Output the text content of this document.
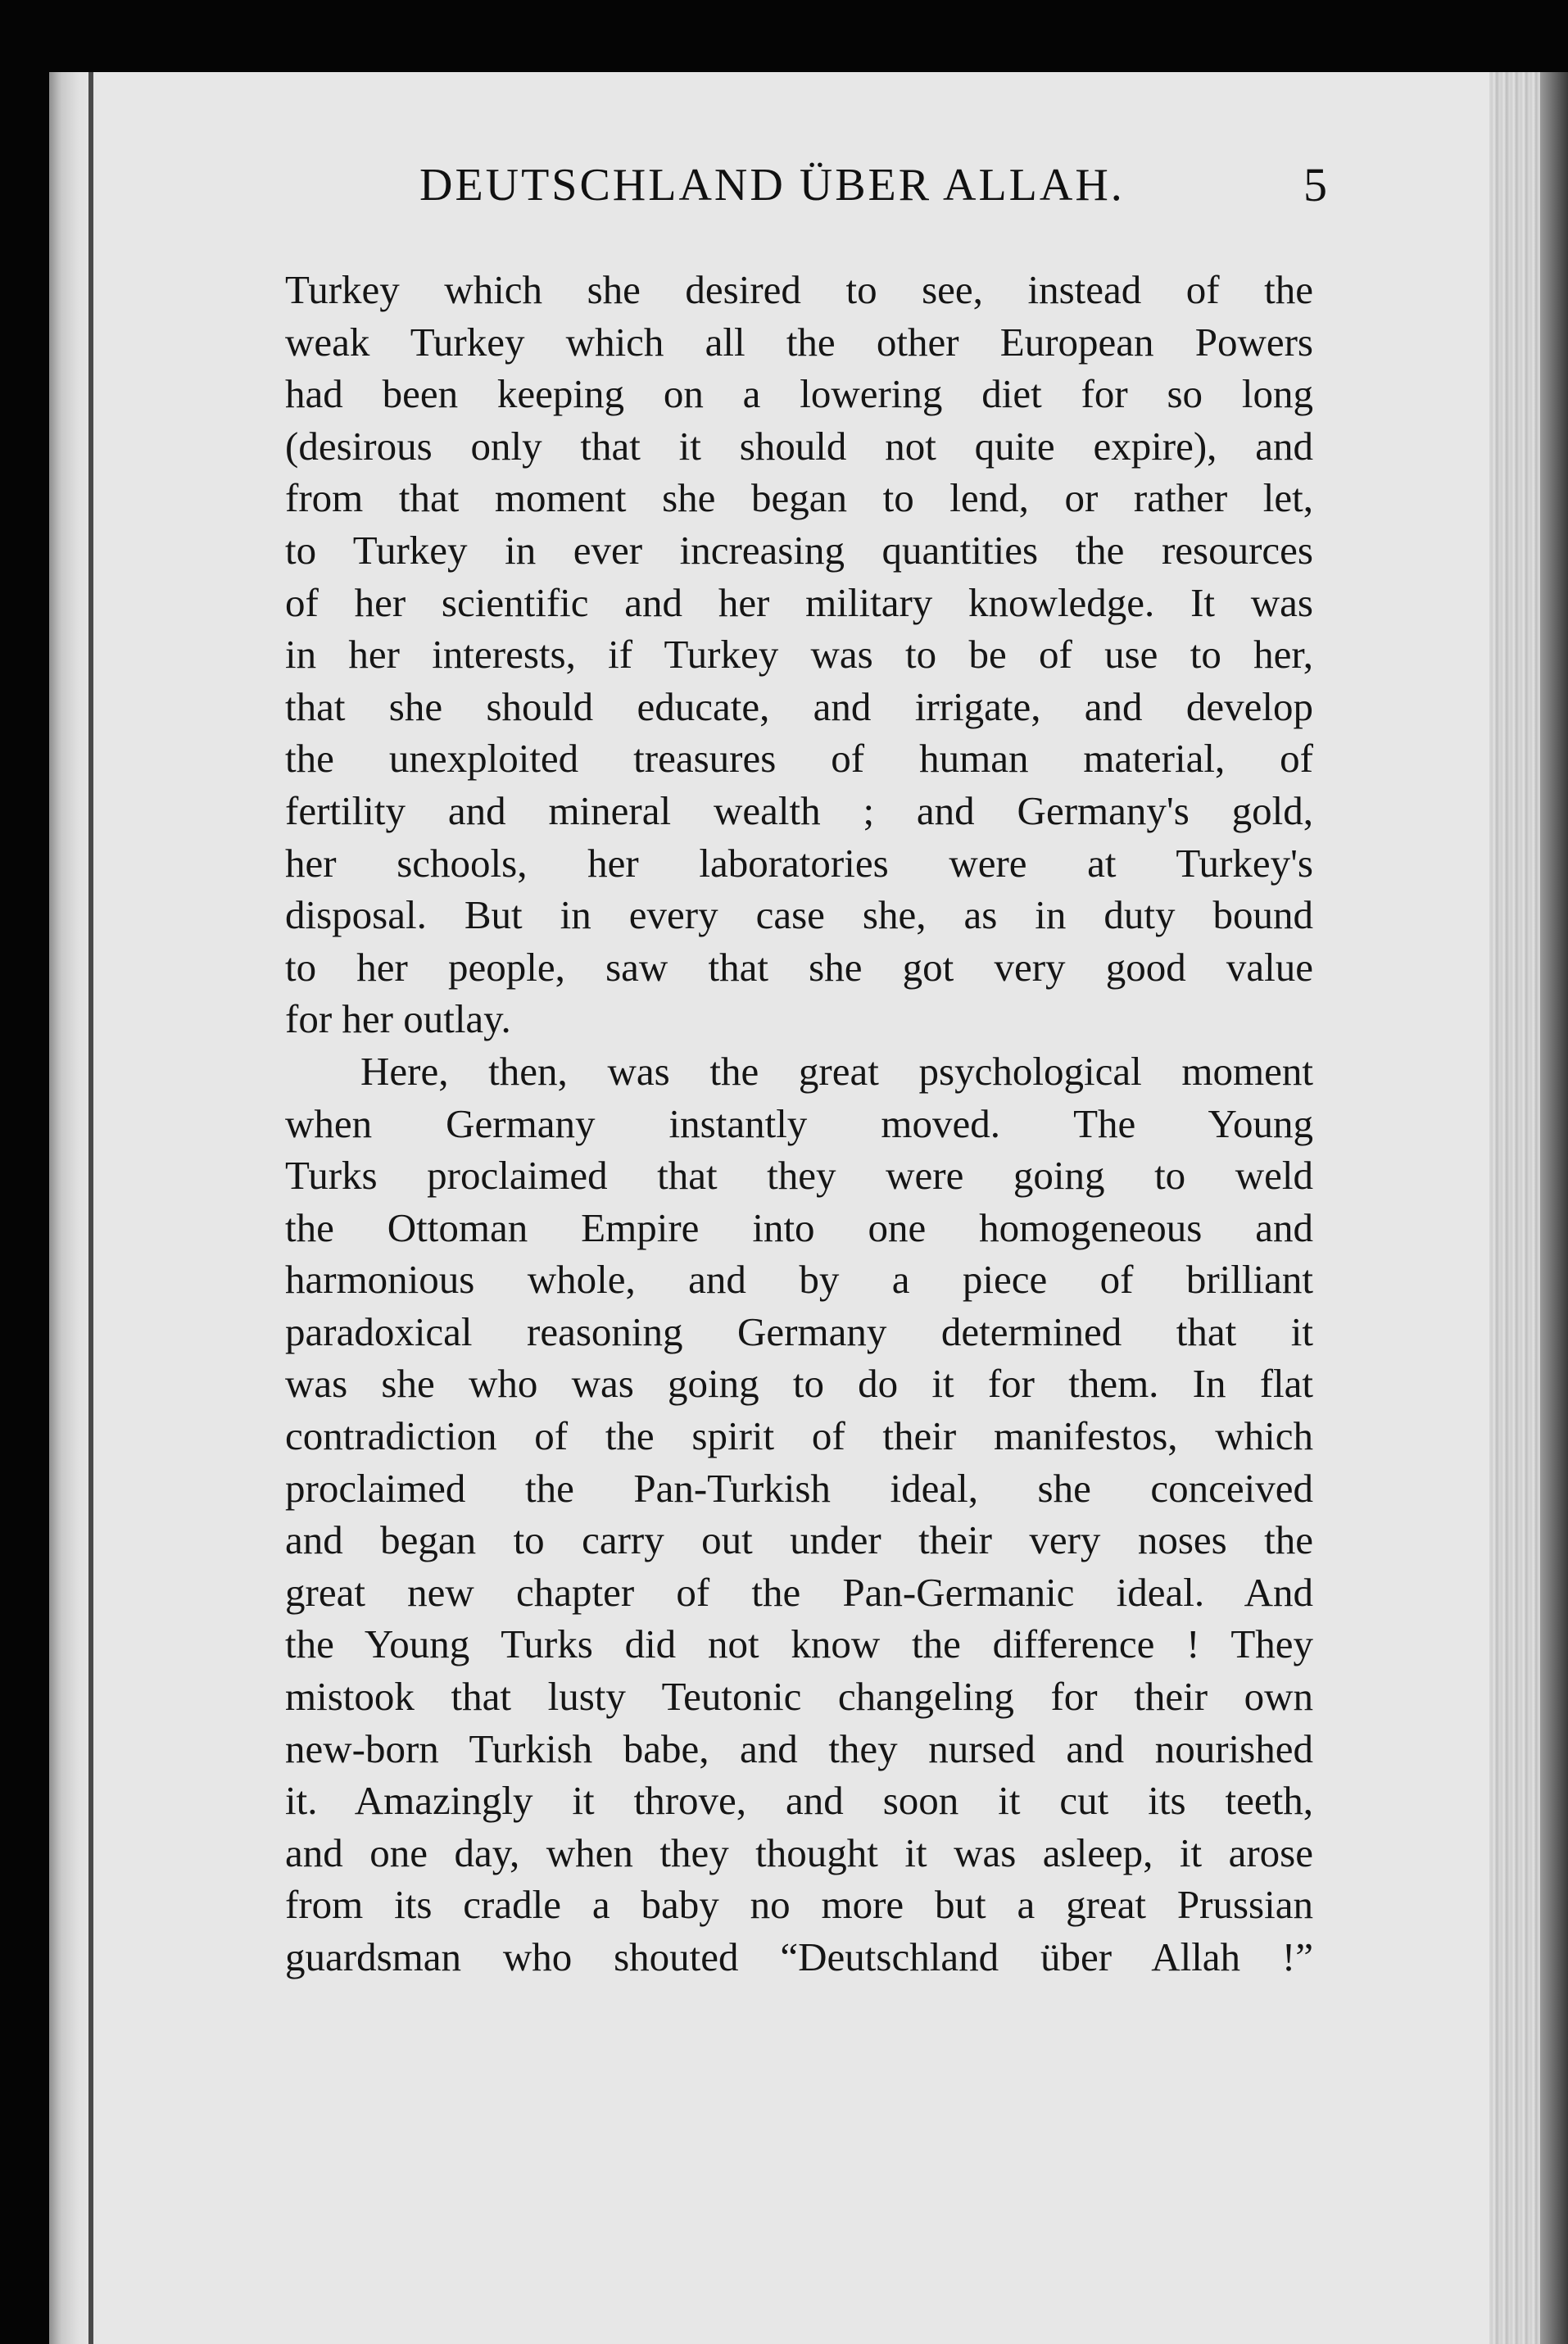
DEUTSCHLAND ÜBER ALLAH.	5
Turkey which she desired to see, instead of the
weak Turkey which all the other European Powers
had been keeping on a lowering diet for so long
(desirous only that it should not quite expire), and
from that moment she began to lend, or rather let,
to Turkey in ever increasing quantities the resources
of her scientific and her military knowledge. It was
in her interests, if Turkey was to be of use to her,
that she should educate, and irrigate, and develop
the unexploited treasures of human material, of
fertility and mineral wealth ; and Germany's gold,
her schools, her laboratories were at Turkey's
disposal. But in every case she, as in duty bound
to her people, saw that she got very good value
for her outlay.
Here, then, was the great psychological moment
when Germany instantly moved. The Young
Turks proclaimed that they were going to weld
the Ottoman Empire into one homogeneous and
harmonious whole, and by a piece of brilliant
paradoxical reasoning Germany determined that it
was she who was going to do it for them. In flat
contradiction of the spirit of their manifestos, which
proclaimed the Pan-Turkish ideal, she conceived
and began to carry out under their very noses the
great new chapter of the Pan-Germanic ideal. And
the Young Turks did not know the difference ! They
mistook that lusty Teutonic changeling for their own
new-born Turkish babe, and they nursed and nourished
it. Amazingly it throve, and soon it cut its teeth,
and one day, when they thought it was asleep, it arose
from its cradle a baby no more but a great Prussian
guardsman who shouted “Deutschland über Allah !”
